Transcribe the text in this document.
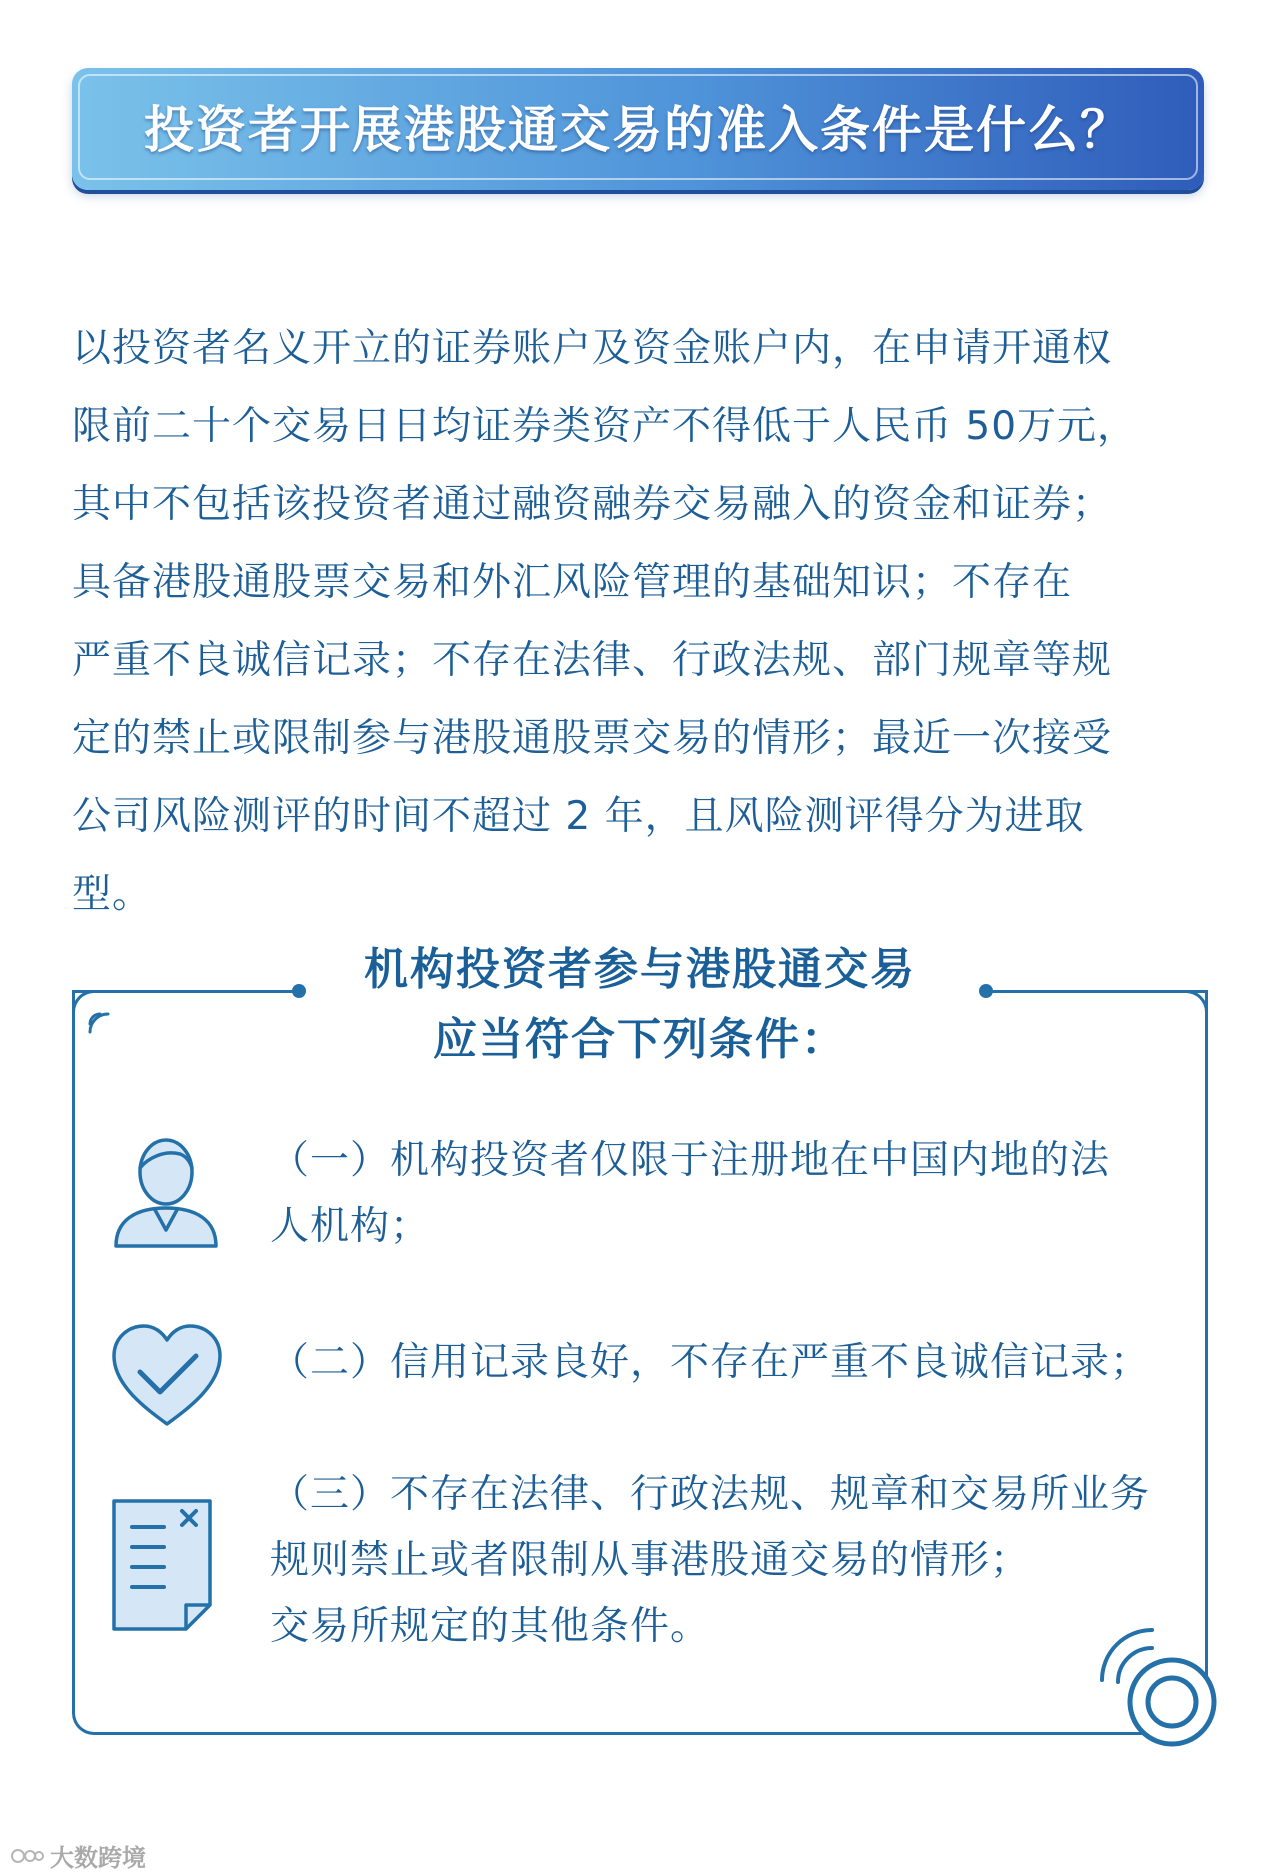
投资者开展港股通交易的准入条件是什么？
以投资者名义开立的证券账户及资金账户内，在申请开通权
限前二十个交易日日均证券类资产不得低于人民币 50万元，
其中不包括该投资者通过融资融券交易融入的资金和证券；
具备港股通股票交易和外汇风险管理的基础知识；不存在
严重不良诚信记录；不存在法律、行政法规、部门规章等规
定的禁止或限制参与港股通股票交易的情形；最近一次接受
公司风险测评的时间不超过 2 年，且风险测评得分为进取
型。
机构投资者参与港股通交易
应当符合下列条件：
（一）机构投资者仅限于注册地在中国内地的法
人机构；
（二）信用记录良好，不存在严重不良诚信记录；
（三）不存在法律、行政法规、规章和交易所业务
规则禁止或者限制从事港股通交易的情形；
交易所规定的其他条件。
大数跨境
